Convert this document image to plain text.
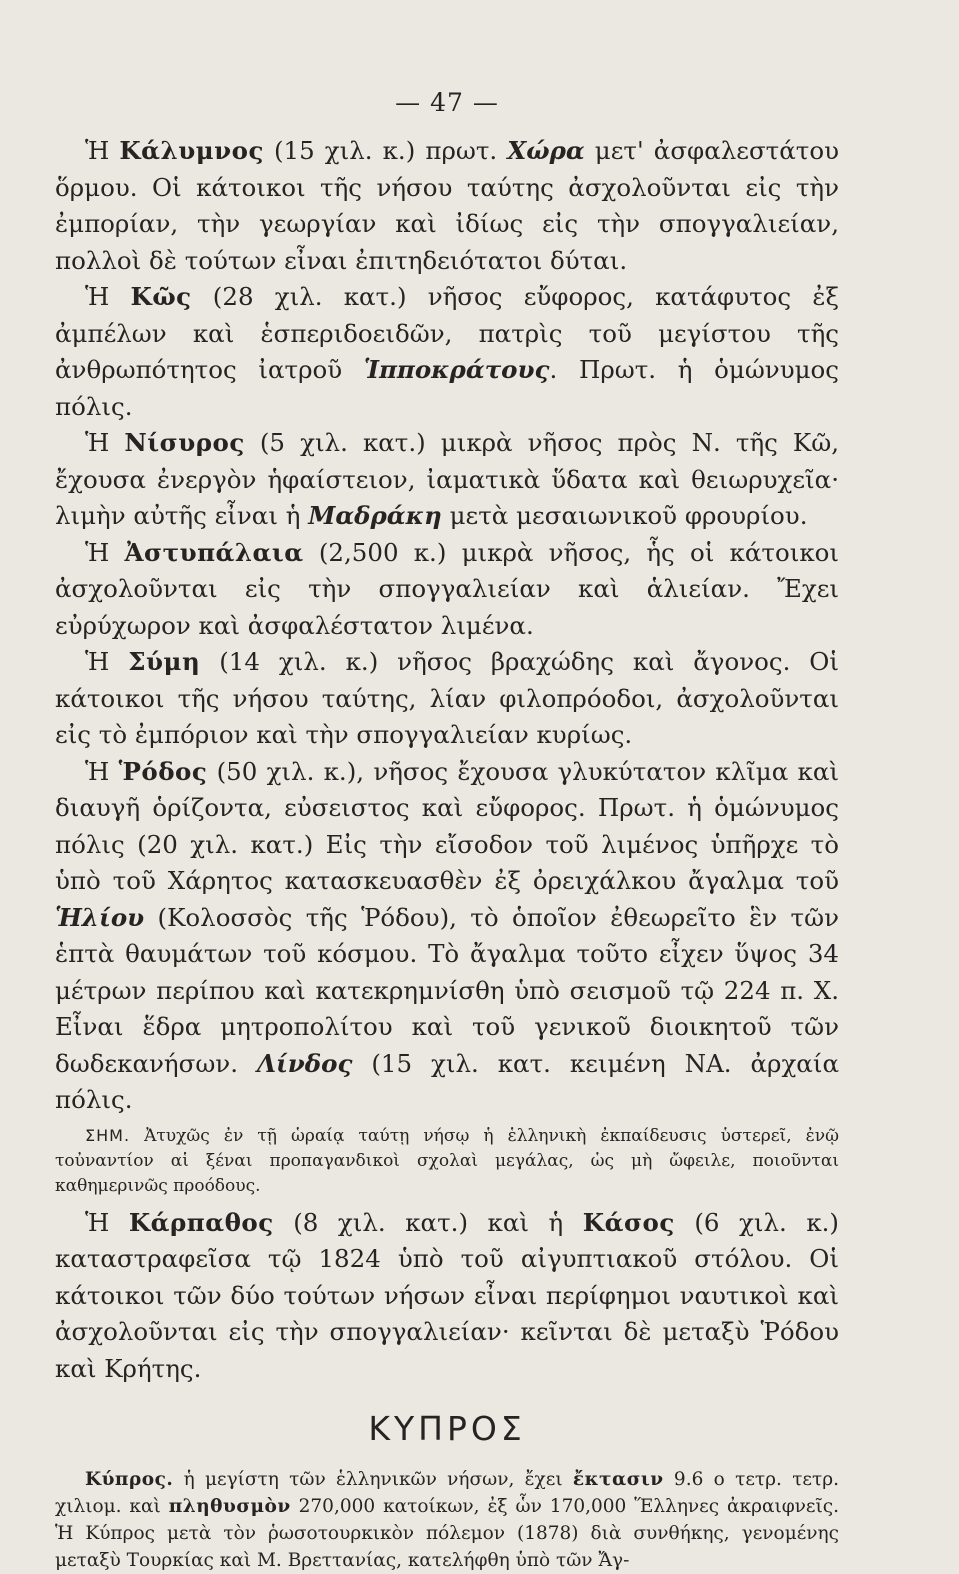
— 47 —

Ἡ Κάλυμνος (15 χιλ. κ.) πρωτ. Χώρα μετ' ἀσφαλεστάτου ὅρμου. Οἱ κάτοικοι τῆς νήσου ταύτης ἀσχολοῦνται εἰς τὴν ἐμπορίαν, τὴν γεωργίαν καὶ ἰδίως εἰς τὴν σπογγαλιείαν, πολλοὶ δὲ τούτων εἶναι ἐπιτηδειότατοι δύται.

Ἡ Κῶς (28 χιλ. κατ.) νῆσος εὔφορος, κατάφυτος ἐξ ἀμπέλων καὶ ἑσπεριδοειδῶν, πατρὶς τοῦ μεγίστου τῆς ἀνθρωπότητος ἰατροῦ Ἱπποκράτους. Πρωτ. ἡ ὁμώνυμος πόλις.

Ἡ Νίσυρος (5 χιλ. κατ.) μικρὰ νῆσος πρὸς Ν. τῆς Κῶ, ἔχουσα ἐνεργὸν ἡφαίστειον, ἰαματικὰ ὕδατα καὶ θειωρυχεῖα· λιμὴν αὐτῆς εἶναι ἡ Μαδράκη μετὰ μεσαιωνικοῦ φρουρίου.

Ἡ Ἀστυπάλαια (2,500 κ.) μικρὰ νῆσος, ἧς οἱ κάτοικοι ἀσχολοῦνται εἰς τὴν σπογγαλιείαν καὶ ἁλιείαν. Ἔχει εὐρύχωρον καὶ ἀσφαλέστατον λιμένα.

Ἡ Σύμη (14 χιλ. κ.) νῆσος βραχώδης καὶ ἄγονος. Οἱ κάτοικοι τῆς νήσου ταύτης, λίαν φιλοπρόοδοι, ἀσχολοῦνται εἰς τὸ ἐμπόριον καὶ τὴν σπογγαλιείαν κυρίως.

Ἡ Ῥόδος (50 χιλ. κ.), νῆσος ἔχουσα γλυκύτατον κλῖμα καὶ διαυγῆ ὁρίζοντα, εὐσειστος καὶ εὔφορος. Πρωτ. ἡ ὁμώνυμος πόλις (20 χιλ. κατ.) Εἰς τὴν εἴσοδον τοῦ λιμένος ὑπῆρχε τὸ ὑπὸ τοῦ Χάρητος κατασκευασθὲν ἐξ ὀρειχάλκου ἄγαλμα τοῦ Ἡλίου (Κολοσσὸς τῆς Ῥόδου), τὸ ὁποῖον ἐθεωρεῖτο ἓν τῶν ἑπτὰ θαυμάτων τοῦ κόσμου. Τὸ ἄγαλμα τοῦτο εἶχεν ὕψος 34 μέτρων περίπου καὶ κατεκρημνίσθη ὑπὸ σεισμοῦ τῷ 224 π. Χ. Εἶναι ἕδρα μητροπολίτου καὶ τοῦ γενικοῦ διοικητοῦ τῶν δωδεκανήσων. Λίνδος (15 χιλ. κατ. κειμένη ΝΑ. ἀρχαία πόλις.

ΣΗΜ. Ἀτυχῶς ἐν τῇ ὡραίᾳ ταύτῃ νήσῳ ἡ ἑλληνικὴ ἐκπαίδευσις ὑστερεῖ, ἐνῷ τοὐναντίον αἱ ξέναι προπαγανδικοὶ σχολαὶ μεγάλας, ὡς μὴ ὤφειλε, ποιοῦνται καθημερινῶς προόδους.

Ἡ Κάρπαθος (8 χιλ. κατ.) καὶ ἡ Κάσος (6 χιλ. κ.) καταστραφεῖσα τῷ 1824 ὑπὸ τοῦ αἰγυπτιακοῦ στόλου. Οἱ κάτοικοι τῶν δύο τούτων νήσων εἶναι περίφημοι ναυτικοὶ καὶ ἀσχολοῦνται εἰς τὴν σπογγαλιείαν· κεῖνται δὲ μεταξὺ Ῥόδου καὶ Κρήτης.

ΚΥΠΡΟΣ

Κύπρος. ἡ μεγίστη τῶν ἑλληνικῶν νήσων, ἔχει ἔκτασιν 9.6 ο τετρ. τετρ. χιλιομ. καὶ πληθυσμὸν 270,000 κατοίκων, ἐξ ὧν 170,000 Ἕλληνες ἀκραιφνεῖς. Ἡ Κύπρος μετὰ τὸν ῥωσοτουρκικὸν πόλεμον (1878) διὰ συνθήκης, γενομένης μεταξὺ Τουρκίας καὶ Μ. Βρεττανίας, κατελήφθη ὑπὸ τῶν Ἄγ-
